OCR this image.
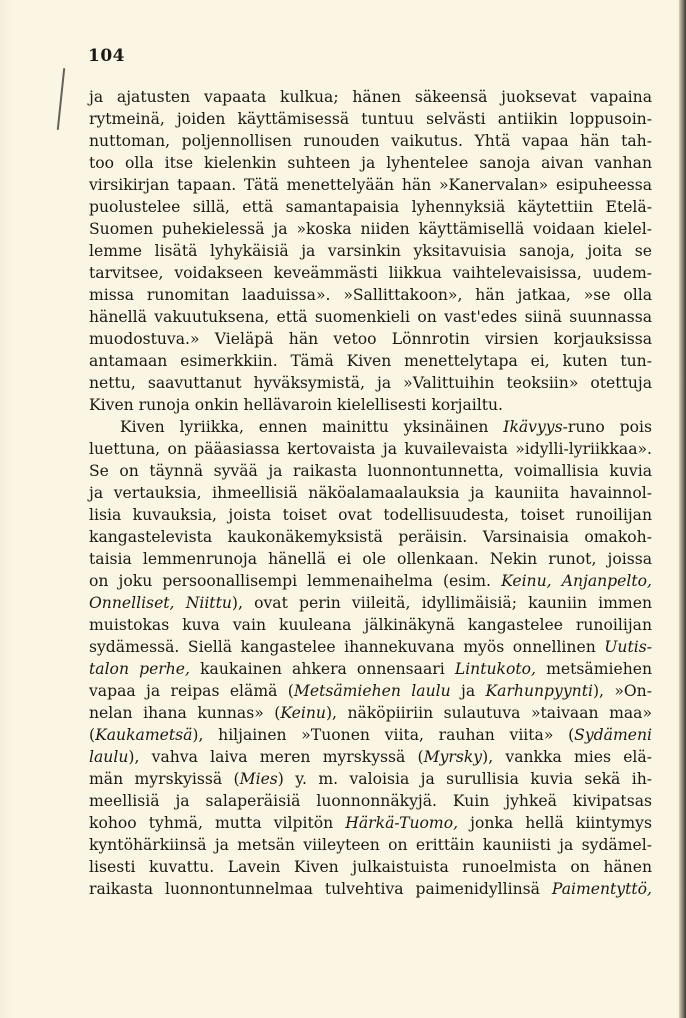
104
ja ajatusten vapaata kulkua; hänen säkeensä juoksevat vapaina
rytmeinä, joiden käyttämisessä tuntuu selvästi antiikin loppusoin-
nuttoman, poljennollisen runouden vaikutus. Yhtä vapaa hän tah-
too olla itse kielenkin suhteen ja lyhentelee sanoja aivan vanhan
virsikirjan tapaan. Tätä menettelyään hän »Kanervalan» esipuheessa
puolustelee sillä, että samantapaisia lyhennyksiä käytettiin Etelä-
Suomen puhekielessä ja »koska niiden käyttämisellä voidaan kielel-
lemme lisätä lyhykäisiä ja varsinkin yksitavuisia sanoja, joita se
tarvitsee, voidakseen keveämmästi liikkua vaihtelevaisissa, uudem-
missa runomitan laaduissa». »Sallittakoon», hän jatkaa, »se olla
hänellä vakuutuksena, että suomenkieli on vast'edes siinä suunnassa
muodostuva.» Vieläpä hän vetoo Lönnrotin virsien korjauksissa
antamaan esimerkkiin. Tämä Kiven menettelytapa ei, kuten tun-
nettu, saavuttanut hyväksymistä, ja »Valittuihin teoksiin» otettuja
Kiven runoja onkin hellävaroin kielellisesti korjailtu.
Kiven lyriikka, ennen mainittu yksinäinen Ikävyys-runo pois
luettuna, on pääasiassa kertovaista ja kuvailevaista »idylli-lyriikkaa».
Se on täynnä syvää ja raikasta luonnontunnetta, voimallisia kuvia
ja vertauksia, ihmeellisiä näköalamaalauksia ja kauniita havainnol-
lisia kuvauksia, joista toiset ovat todellisuudesta, toiset runoilijan
kangastelevista kaukonäkemyksistä peräisin. Varsinaisia omakoh-
taisia lemmenrunoja hänellä ei ole ollenkaan. Nekin runot, joissa
on joku persoonallisempi lemmenaihelma (esim. Keinu, Anjanpelto,
Onnelliset, Niittu), ovat perin viileitä, idyllimäisiä; kauniin immen
muistokas kuva vain kuuleana jälkinäkynä kangastelee runoilijan
sydämessä. Siellä kangastelee ihannekuvana myös onnellinen Uutis-
talon perhe, kaukainen ahkera onnensaari Lintukoto, metsämiehen
vapaa ja reipas elämä (Metsämiehen laulu ja Karhunpyynti), »On-
nelan ihana kunnas» (Keinu), näköpiiriin sulautuva »taivaan maa»
(Kaukametsä), hiljainen »Tuonen viita, rauhan viita» (Sydämeni
laulu), vahva laiva meren myrskyssä (Myrsky), vankka mies elä-
män myrskyissä (Mies) y. m. valoisia ja surullisia kuvia sekä ih-
meellisiä ja salaperäisiä luonnonnäkyjä. Kuin jyhkeä kivipatsas
kohoo tyhmä, mutta vilpitön Härkä-Tuomo, jonka hellä kiintymys
kyntöhärkiinsä ja metsän viileyteen on erittäin kauniisti ja sydämel-
lisesti kuvattu. Lavein Kiven julkaistuista runoelmista on hänen
raikasta luonnontunnelmaa tulvehtiva paimenidyllinsä Paimentyttö,
